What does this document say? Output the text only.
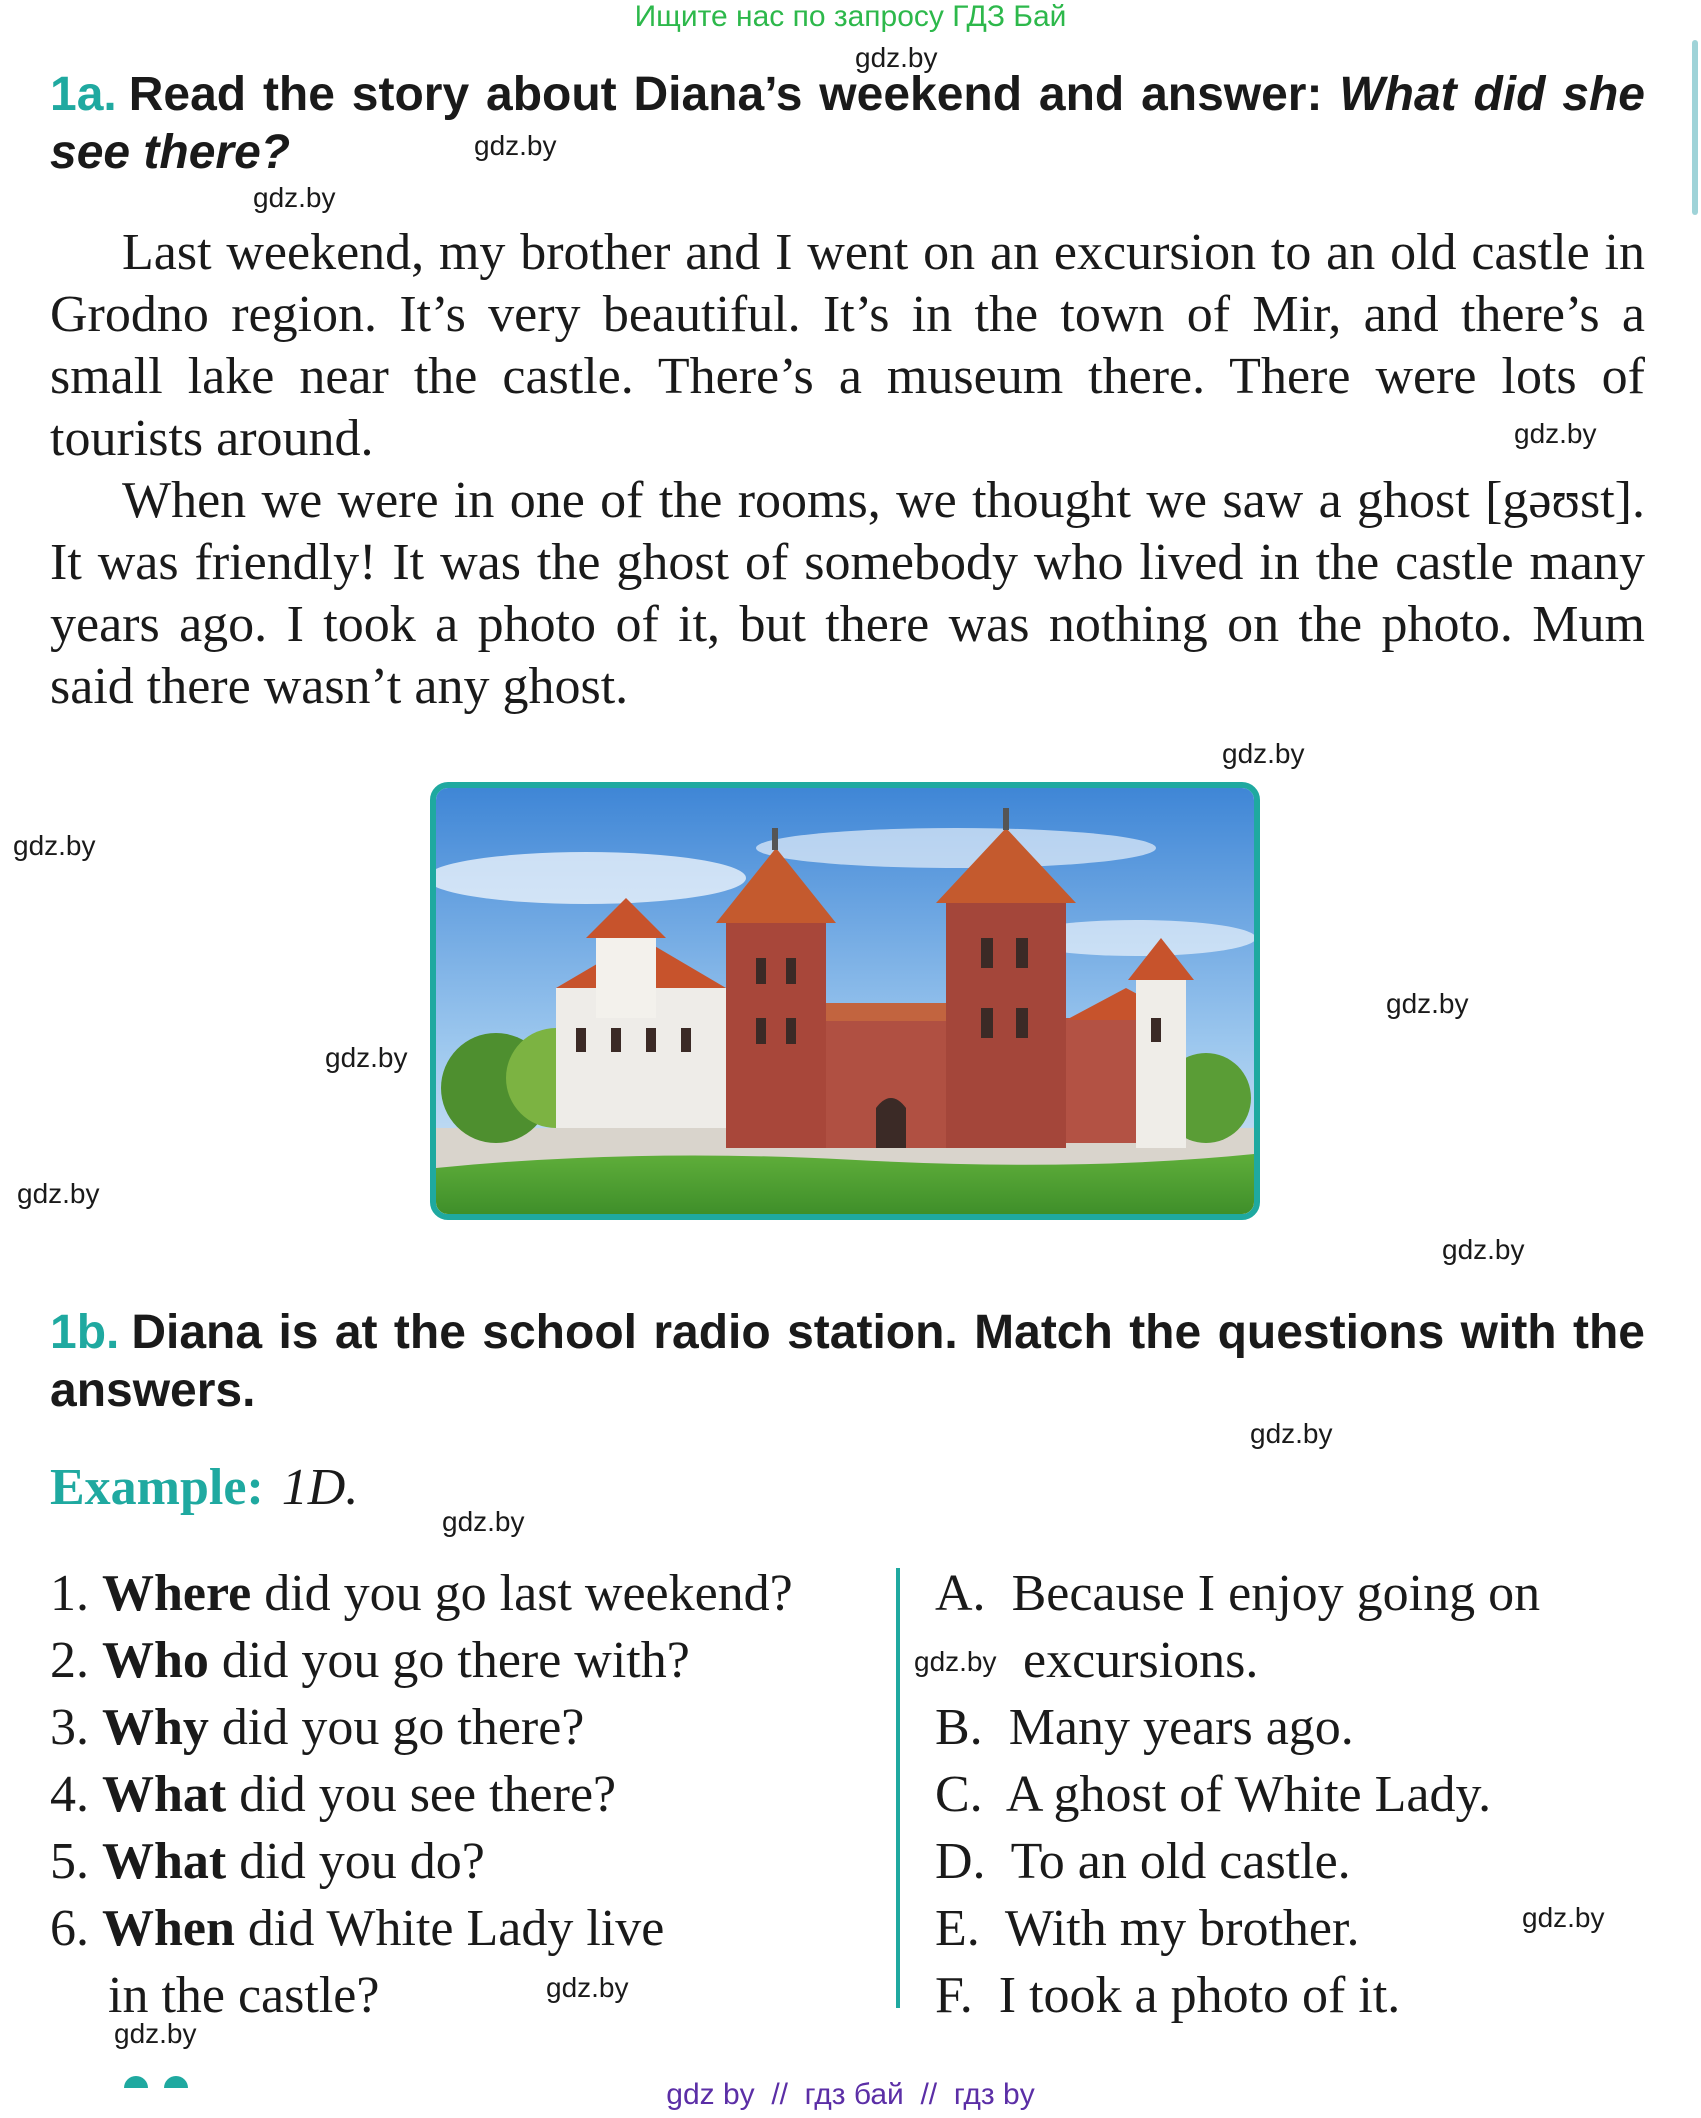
Ищите нас по запросу ГДЗ Бай
gdz.by
gdz.by
gdz.by
gdz.by
gdz.by
gdz.by
gdz.by
gdz.by
gdz.by
gdz.by
gdz.by
gdz.by
gdz.by
gdz.by
gdz.by
gdz.by
1a. Read the story about Diana’s weekend and answer: What did she see there?

Last weekend, my brother and I went on an excursion to an old castle in Grodno region. It’s very beautiful. It’s in the town of Mir, and there’s a small lake near the castle. There’s a museum there. There were lots of tourists around.

When we were in one of the rooms, we thought we saw a ghost [gəʊst]. It was friendly! It was the ghost of somebody who lived in the castle many years ago. I took a photo of it, but there was nothing on the photo. Mum said there wasn’t any ghost.

1b. Diana is at the school radio station. Match the questions with the answers.
Example: 1D.
1. Where did you go last weekend?
2. Who did you go there with?
3. Why did you go there?
4. What did you see there?
5. What did you do?
6. When did White Lady live
in the castle?
A. Because I enjoy going on
excursions.
B. Many years ago.
C. A ghost of White Lady.
D. To an old castle.
E. With my brother.
F. I took a photo of it.
gdz by  //  гдз бай  //  гдз by
